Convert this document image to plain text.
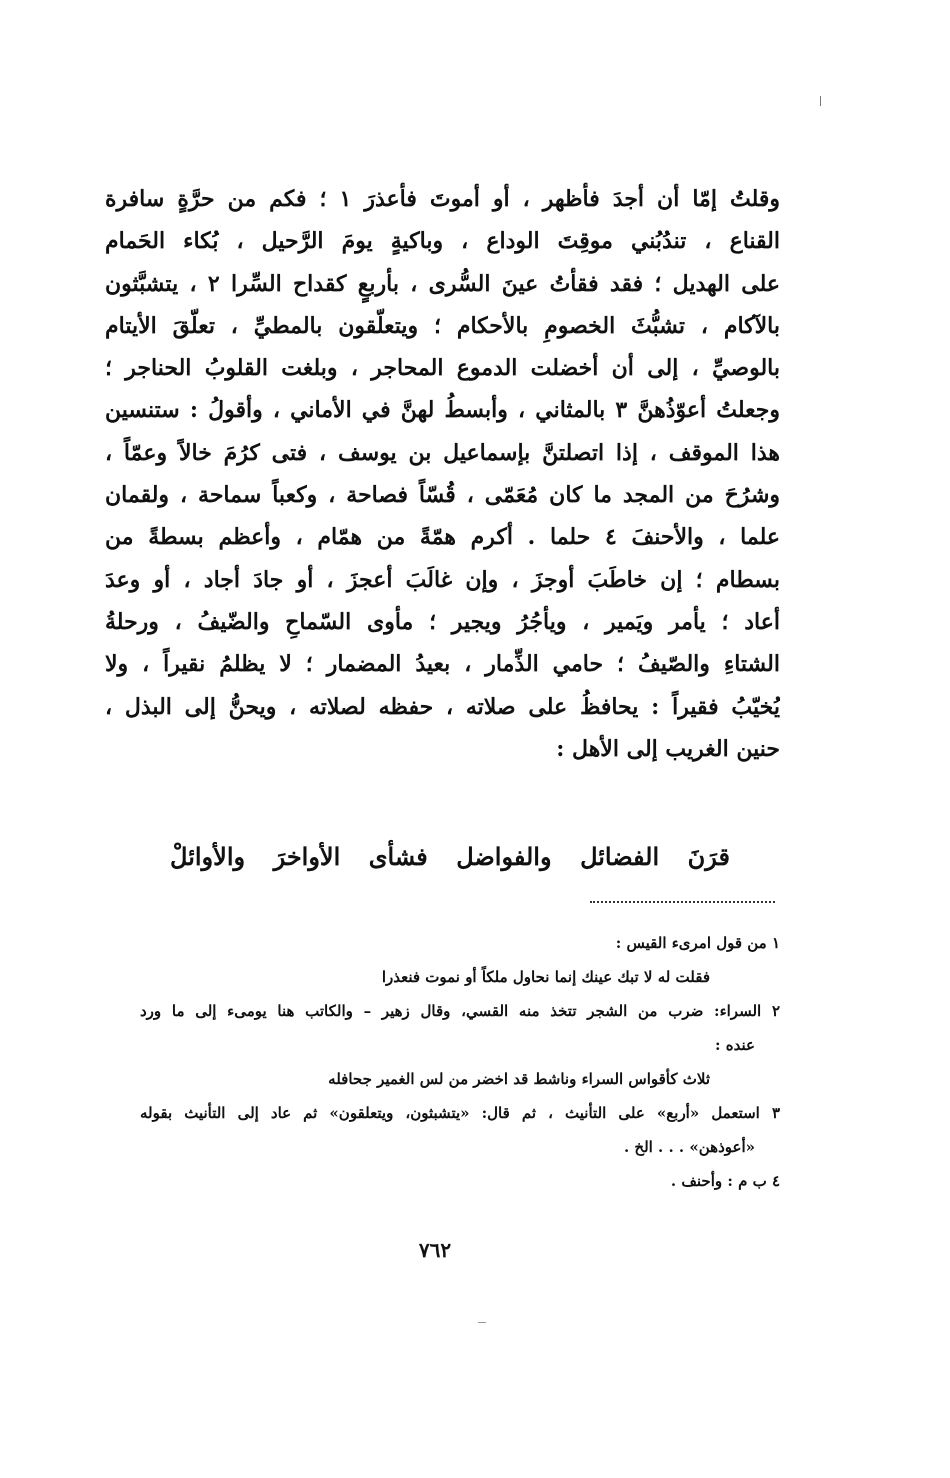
وقلتُ إمّا أن أجدَ فأظهر ، أو أموتَ فأعذرَ ١ ؛ فكم من حرَّةٍ سافرة
القناع ، تندُبُني موقِتَ الوداع ، وباكيةٍ يومَ الرَّحيل ، بُكاء الحَمام
على الهديل ؛ فقد فقأتُ عينَ السُّرى ، بأربعٍ كقداح السِّرا ٢ ، يتشبَّثون
بالآكام ، تشبُّثَ الخصومِ بالأحكام ؛ ويتعلّقون بالمطيِّ ، تعلّقَ الأيتام
بالوصيِّ ، إلى أن أخضلت الدموع المحاجر ، وبلغت القلوبُ الحناجر ؛
وجعلتُ أعوّذُهنَّ ٣ بالمثاني ، وأبسطُ لهنَّ في الأماني ، وأقولُ : ستنسين
هذا الموقف ، إذا اتصلتنَّ بإسماعيل بن يوسف ، فتى كرُمَ خالاً وعمّاً ،
وشرُحَ من المجد ما كان مُعَمّى ، قُسّاً فصاحة ، وكعباً سماحة ، ولقمان
علما ، والأحنفَ ٤ حلما . أكرم همّةً من همّام ، وأعظم بسطةً من
بسطام ؛ إن خاطَبَ أوجزَ ، وإن غالَبَ أعجزَ ، أو جادَ أجاد ، أو وعدَ
أعاد ؛ يأمر ويَمير ، ويأجُرُ ويجير ؛ مأوى السّماحِ والضّيفُ ، ورحلةُ
الشتاءِ والصّيفُ ؛ حامي الذِّمار ، بعيدُ المضمار ؛ لا يظلمُ نقيراً ، ولا
يُخيّبُ فقيراً : يحافظُ على صلاته ، حفظه لصلاته ، ويحنُّ إلى البذل ،
حنين الغريب إلى الأهل :
قرَنَ
الفضائل
والفواضل
فشأى
الأواخرَ
والأوائلْ
١ من قول امرىء القيس :
فقلت له لا تبك عينك إنما نحاول ملكاً أو نموت فنعذرا
٢ السراء: ضرب من الشجر تتخذ منه القسي، وقال زهير – والكاتب هنا يومىء إلى ما ورد
عنده :
ثلاث كأقواس السراء وناشط قد اخضر من لس الغمير جحافله
٣ استعمل «أربع» على التأنيث ، ثم قال: «يتشبثون، ويتعلقون» ثم عاد إلى التأنيث بقوله
«أعوذهن» . . . الخ .
٤ ب م : وأحنف .
٧٦٢
